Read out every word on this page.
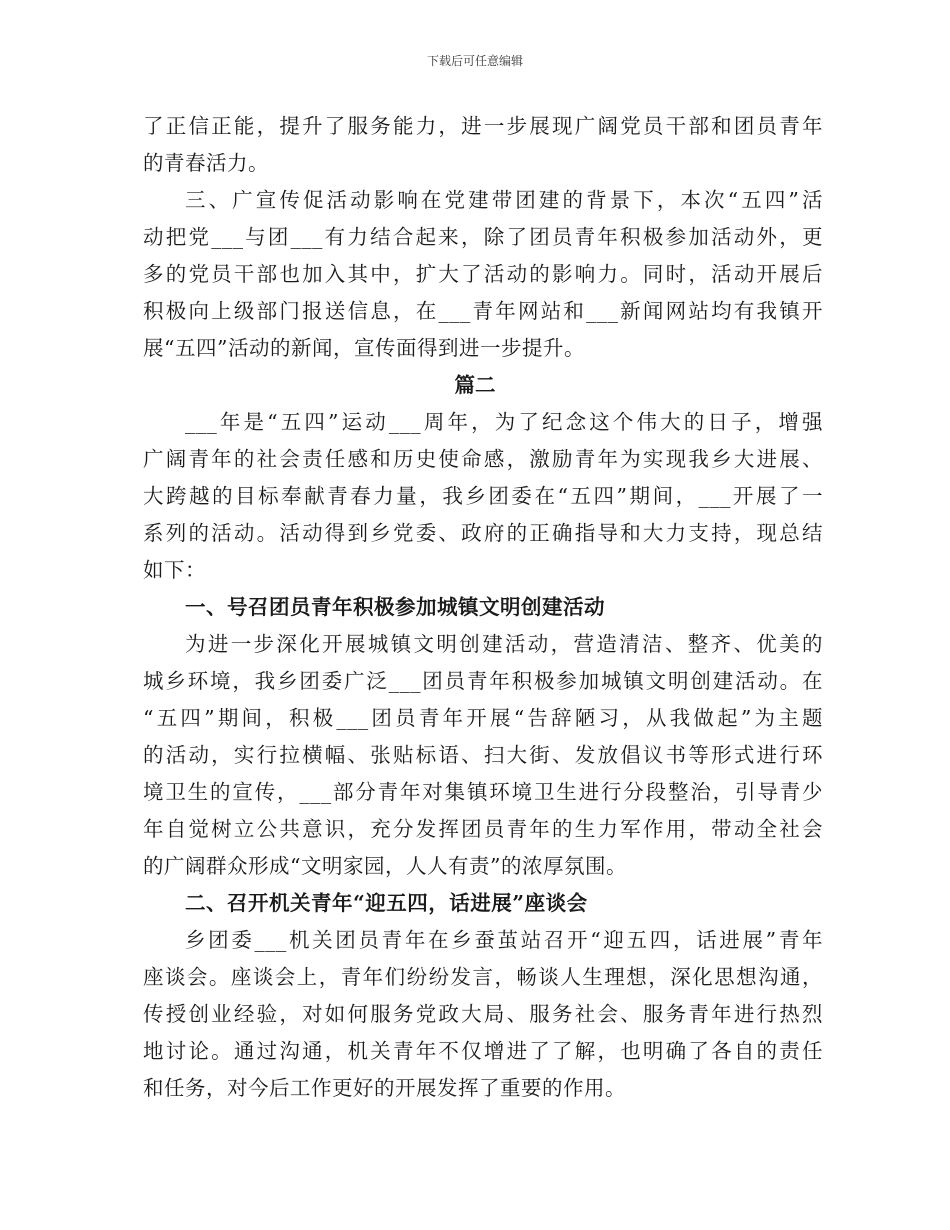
下载后可任意编辑
了正信正能，提升了服务能力，进一步展现广阔党员干部和团员青年
的青春活力。
三、广宣传促活动影响在党建带团建的背景下，本次“五四”活
动把党___与团___有力结合起来，除了团员青年积极参加活动外，更
多的党员干部也加入其中，扩大了活动的影响力。同时，活动开展后
积极向上级部门报送信息，在___青年网站和___新闻网站均有我镇开
展“五四”活动的新闻，宣传面得到进一步提升。
篇二
___年是“五四”运动___周年，为了纪念这个伟大的日子，增强
广阔青年的社会责任感和历史使命感，激励青年为实现我乡大进展、
大跨越的目标奉献青春力量，我乡团委在“五四”期间，___开展了一
系列的活动。活动得到乡党委、政府的正确指导和大力支持，现总结
如下：
一、号召团员青年积极参加城镇文明创建活动
为进一步深化开展城镇文明创建活动，营造清洁、整齐、优美的
城乡环境，我乡团委广泛___团员青年积极参加城镇文明创建活动。在
“五四”期间，积极___团员青年开展“告辞陋习，从我做起”为主题
的活动，实行拉横幅、张贴标语、扫大街、发放倡议书等形式进行环
境卫生的宣传，___部分青年对集镇环境卫生进行分段整治，引导青少
年自觉树立公共意识，充分发挥团员青年的生力军作用，带动全社会
的广阔群众形成“文明家园，人人有责”的浓厚氛围。
二、召开机关青年“迎五四，话进展”座谈会
乡团委___机关团员青年在乡蚕茧站召开“迎五四，话进展”青年
座谈会。座谈会上，青年们纷纷发言，畅谈人生理想，深化思想沟通，
传授创业经验，对如何服务党政大局、服务社会、服务青年进行热烈
地讨论。通过沟通，机关青年不仅增进了了解，也明确了各自的责任
和任务，对今后工作更好的开展发挥了重要的作用。
